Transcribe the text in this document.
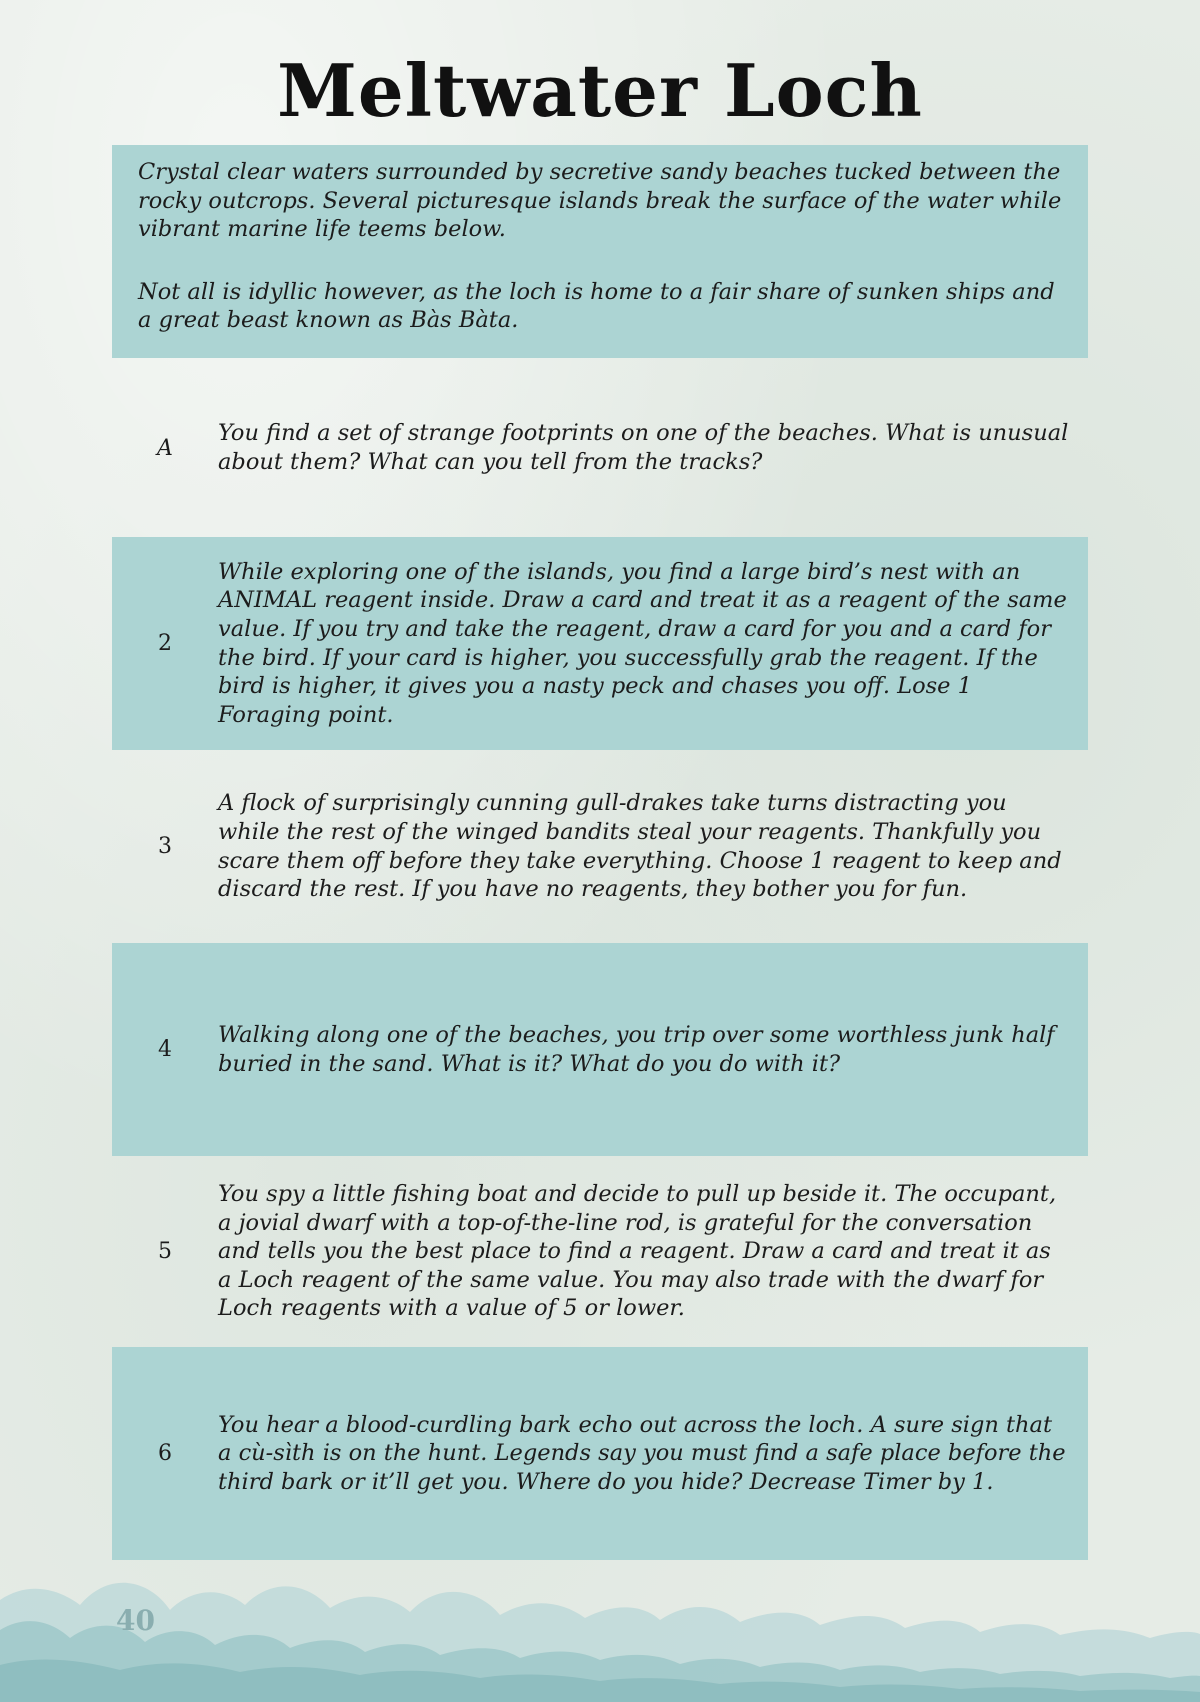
Meltwater Loch

Crystal clear waters surrounded by secretive sandy beaches tucked between the rocky outcrops. Several picturesque islands break the surface of the water while vibrant marine life teems below.

Not all is idyllic however, as the loch is home to a fair share of sunken ships and a great beast known as Bàs Bàta.

A
You find a set of strange footprints on one of the beaches. What is unusual about them? What can you tell from the tracks?
2
While exploring one of the islands, you find a large bird’s nest with an ANIMAL reagent inside. Draw a card and treat it as a reagent of the same value. If you try and take the reagent, draw a card for you and a card for the bird. If your card is higher, you successfully grab the reagent. If the bird is higher, it gives you a nasty peck and chases you off. Lose 1 Foraging point.
3
A flock of surprisingly cunning gull-drakes take turns distracting you while the rest of the winged bandits steal your reagents. Thankfully you scare them off before they take everything. Choose 1 reagent to keep and discard the rest. If you have no reagents, they bother you for fun.
4
Walking along one of the beaches, you trip over some worthless junk half buried in the sand. What is it? What do you do with it?
5
You spy a little fishing boat and decide to pull up beside it. The occupant, a jovial dwarf with a top-of-the-line rod, is grateful for the conversation and tells you the best place to find a reagent. Draw a card and treat it as a Loch reagent of the same value. You may also trade with the dwarf for Loch reagents with a value of 5 or lower.
6
You hear a blood-curdling bark echo out across the loch. A sure sign that a cù-sìth is on the hunt. Legends say you must find a safe place before the third bark or it’ll get you. Where do you hide? Decrease Timer by 1.
40
